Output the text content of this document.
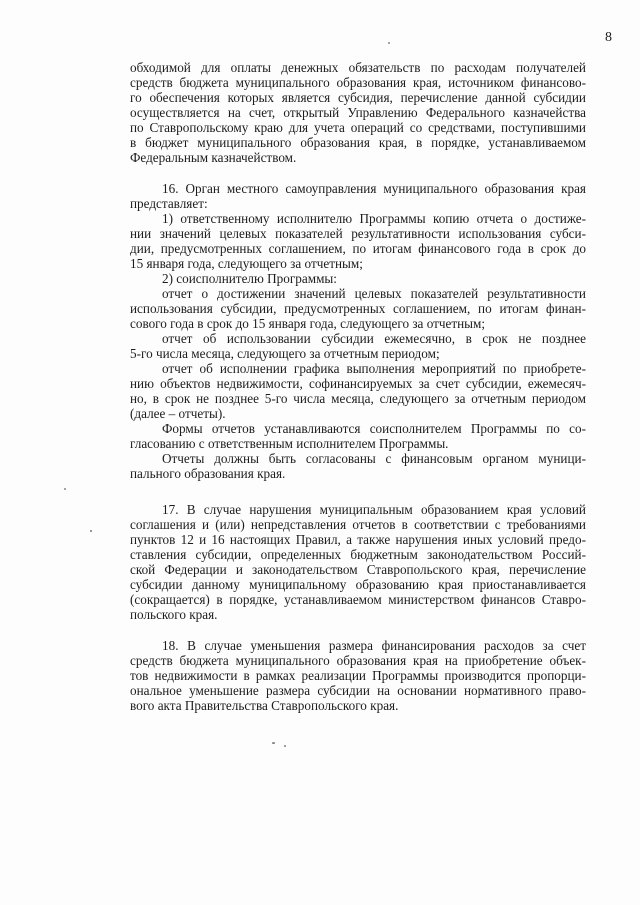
8
обходимой для оплаты денежных обязательств по расходам получателей
средств бюджета муниципального образования края, источником финансово-
го обеспечения которых является субсидия, перечисление данной субсидии
осуществляется на счет, открытый Управлению Федерального казначейства
по Ставропольскому краю для учета операций со средствами, поступившими
в бюджет муниципального образования края, в порядке, устанавливаемом
Федеральным казначейством.
16. Орган местного самоуправления муниципального образования края
представляет:
1) ответственному исполнителю Программы копию отчета о достиже-
нии значений целевых показателей результативности использования субси-
дии, предусмотренных соглашением, по итогам финансового года в срок до
15 января года, следующего за отчетным;
2) соисполнителю Программы:
отчет о достижении значений целевых показателей результативности
использования субсидии, предусмотренных соглашением, по итогам финан-
сового года в срок до 15 января года, следующего за отчетным;
отчет об использовании субсидии ежемесячно, в срок не позднее
5-го числа месяца, следующего за отчетным периодом;
отчет об исполнении графика выполнения мероприятий по приобрете-
нию объектов недвижимости, софинансируемых за счет субсидии, ежемесяч-
но, в срок не позднее 5-го числа месяца, следующего за отчетным периодом
(далее – отчеты).
Формы отчетов устанавливаются соисполнителем Программы по со-
гласованию с ответственным исполнителем Программы.
Отчеты должны быть согласованы с финансовым органом муници-
пального образования края.
17. В случае нарушения муниципальным образованием края условий
соглашения и (или) непредставления отчетов в соответствии с требованиями
пунктов 12 и 16 настоящих Правил, а также нарушения иных условий предо-
ставления субсидии, определенных бюджетным законодательством Россий-
ской Федерации и законодательством Ставропольского края, перечисление
субсидии данному муниципальному образованию края приостанавливается
(сокращается) в порядке, устанавливаемом министерством финансов Ставро-
польского края.
18. В случае уменьшения размера финансирования расходов за счет
средств бюджета муниципального образования края на приобретение объек-
тов недвижимости в рамках реализации Программы производится пропорци-
ональное уменьшение размера субсидии на основании нормативного право-
вого акта Правительства Ставропольского края.
